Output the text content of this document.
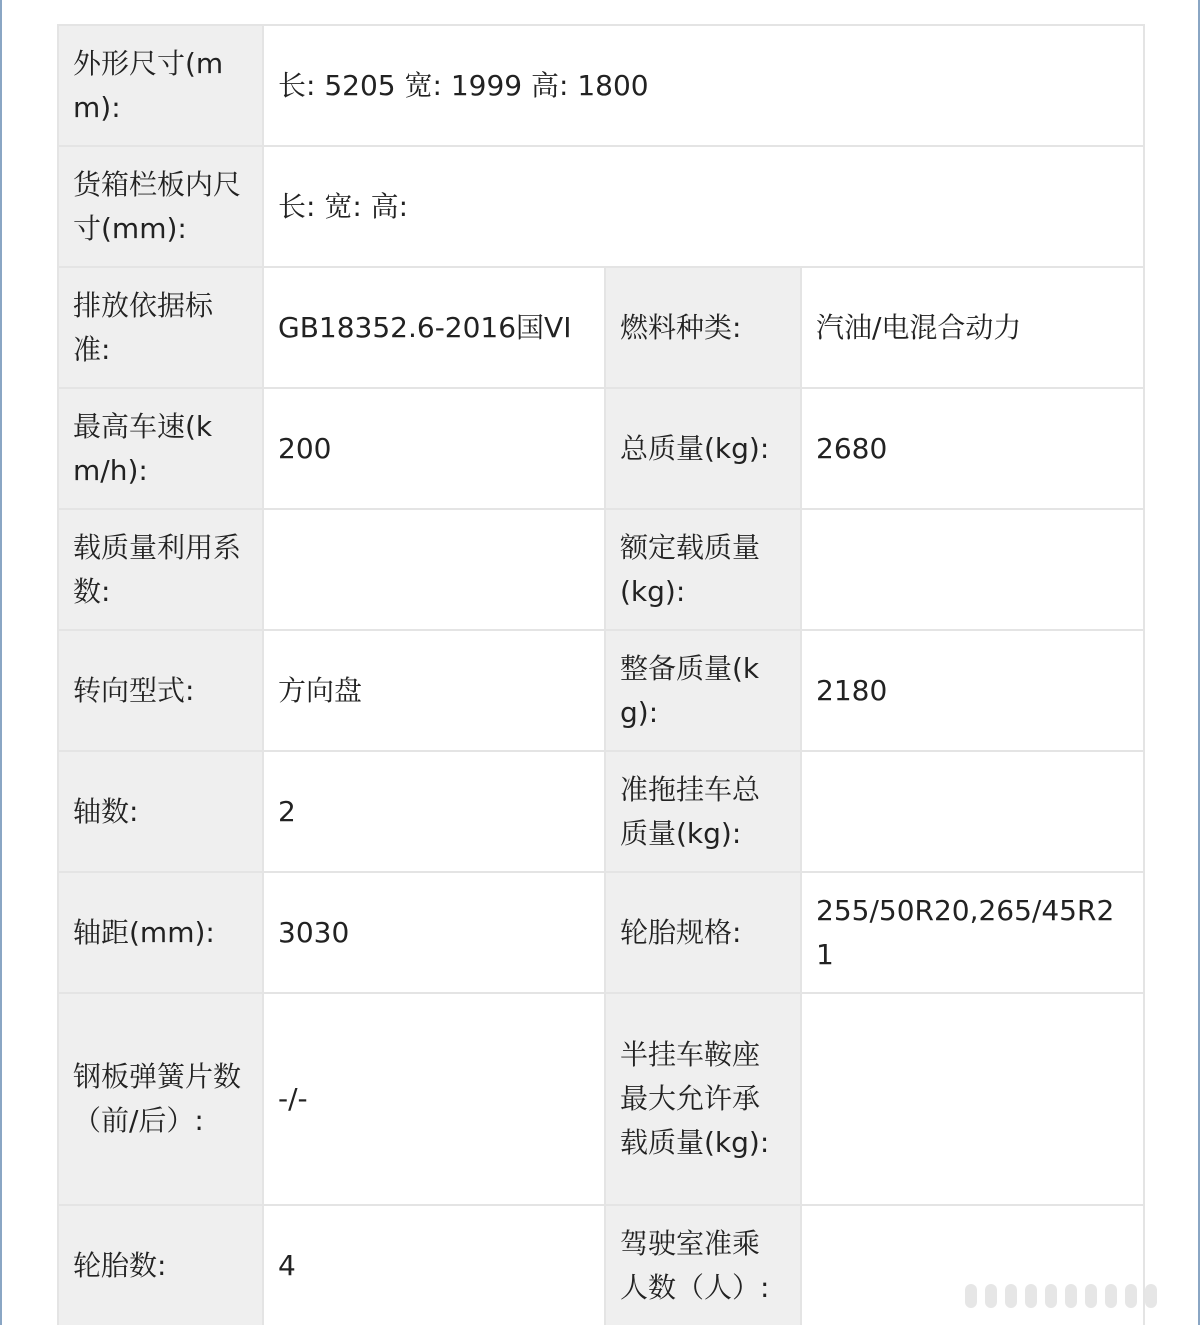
外形尺寸(mm):	长: 5205 宽: 1999 高: 1800		
货箱栏板内尺寸(mm):	长: 宽: 高:		
排放依据标准:	GB18352.6-2016国VI	燃料种类:	汽油/电混合动力
最高车速(km/h):	200	总质量(kg):	2680
载质量利用系数:		额定载质量(kg):	
转向型式:	方向盘	整备质量(kg):	2180
轴数:	2	准拖挂车总质量(kg):	
轴距(mm):	3030	轮胎规格:	255/50R20,265/45R21
钢板弹簧片数（前/后）:	-/-	半挂车鞍座最大允许承载质量(kg):	
轮胎数:	4	驾驶室准乘人数（人）:	
